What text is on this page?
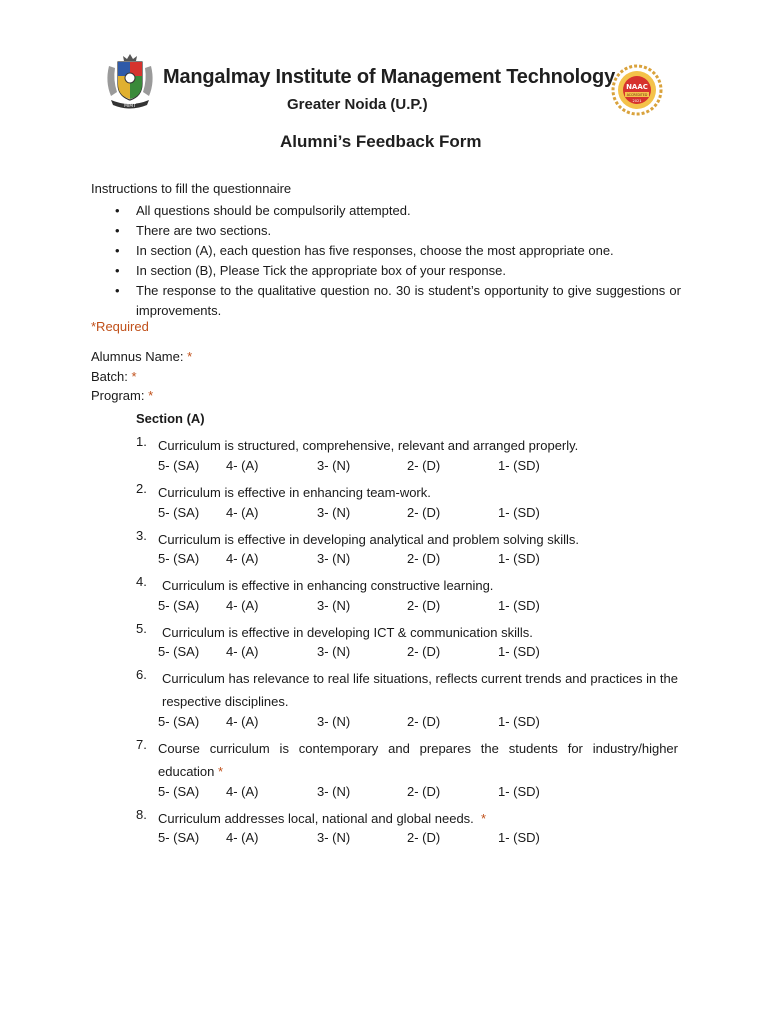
MIMT
Mangalmay Institute of Management Technology
Greater Noida (U.P.)
NAAC
ACCREDITED
2021
Alumni’s Feedback Form
Instructions to fill the questionnaire
• All questions should be compulsorily attempted.
• There are two sections.
• In section (A), each question has five responses, choose the most appropriate one.
• In section (B), Please Tick the appropriate box of your response.
• The response to the qualitative question no. 30 is student’s opportunity to give suggestions or improvements.
*Required
Alumnus Name: *
Batch: *
Program: *
Section (A)
1. Curriculum is structured, comprehensive, relevant and arranged properly.
5- (SA) 4- (A)	3- (N)	2- (D)	1- (SD)
2. Curriculum is effective in enhancing team-work.
5- (SA) 4- (A)	3- (N)	2- (D)	1- (SD)
3. Curriculum is effective in developing analytical and problem solving skills.
5- (SA) 4- (A)	3- (N)	2- (D)	1- (SD)
4. Curriculum is effective in enhancing constructive learning.
5- (SA) 4- (A)	3- (N)	2- (D)	1- (SD)
5. Curriculum is effective in developing ICT & communication skills.
5- (SA) 4- (A)	3- (N)	2- (D)	1- (SD)
6. Curriculum has relevance to real life situations, reflects current trends and practices in the respective disciplines.
5- (SA) 4- (A)	3- (N)	2- (D)	1- (SD)
7. Course curriculum is contemporary and prepares the students for industry/higher education *
5- (SA) 4- (A)	3- (N)	2- (D)	1- (SD)
8. Curriculum addresses local, national and global needs. *
5- (SA) 4- (A)	3- (N)	2- (D)	1- (SD)
